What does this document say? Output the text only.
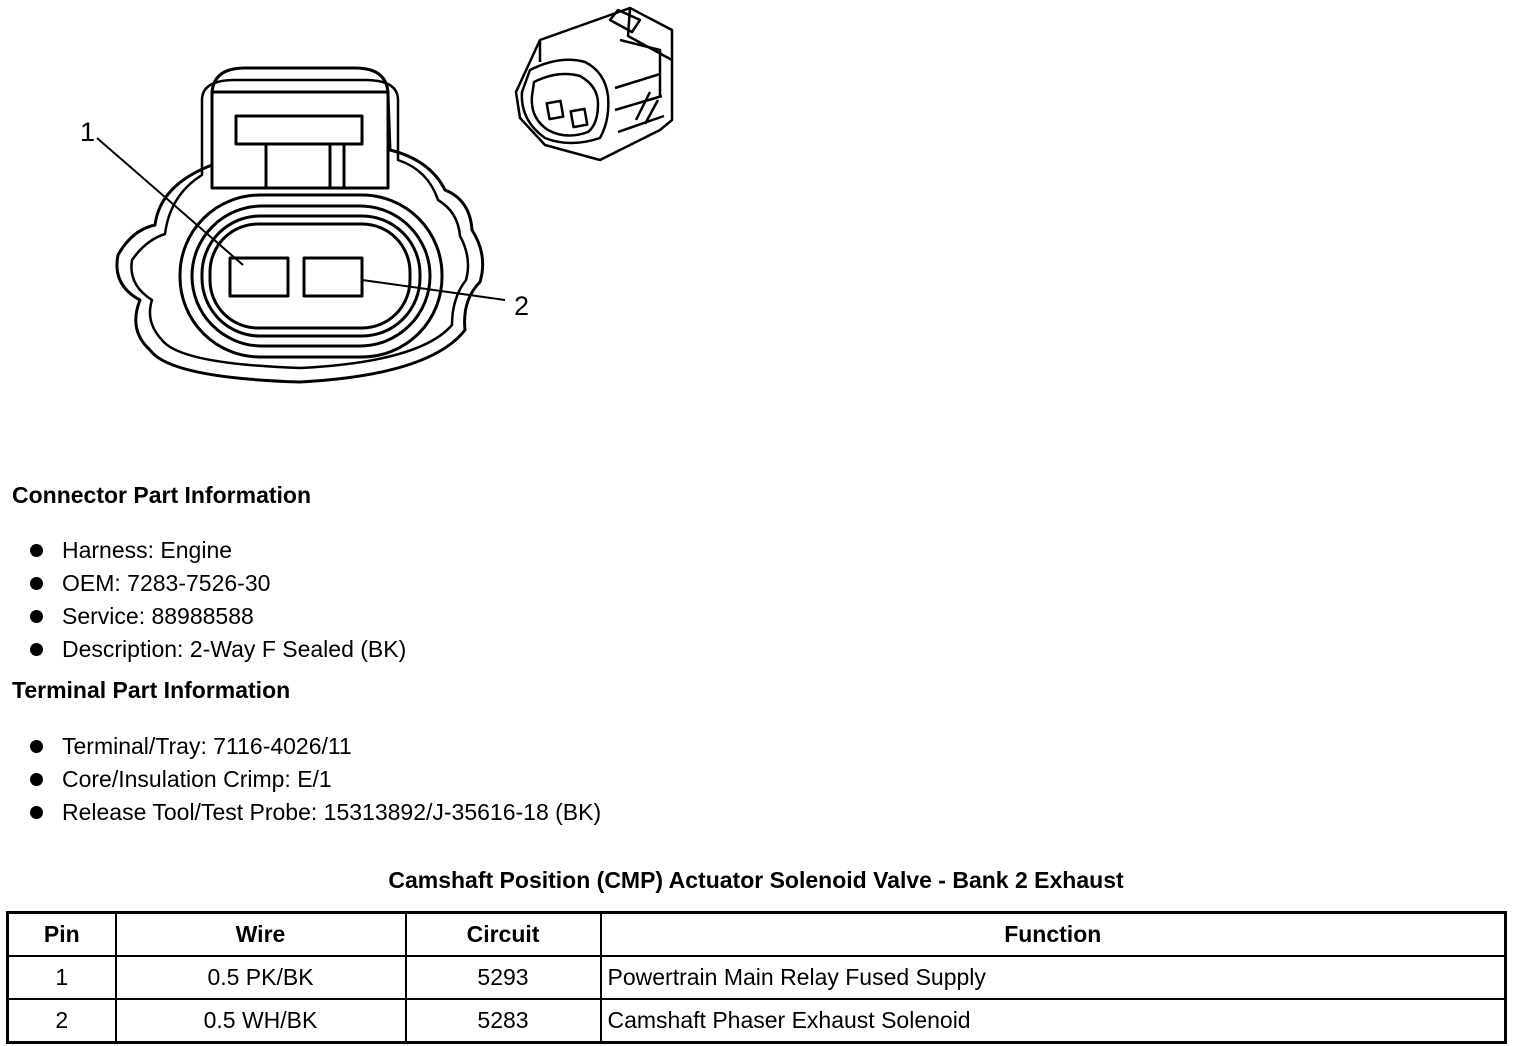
1
2
Connector Part Information
Harness: Engine
OEM: 7283-7526-30
Service: 88988588
Description: 2-Way F Sealed (BK)
Terminal Part Information
Terminal/Tray: 7116-4026/11
Core/Insulation Crimp: E/1
Release Tool/Test Probe: 15313892/J-35616-18 (BK)
Camshaft Position (CMP) Actuator Solenoid Valve - Bank 2 Exhaust
Pin	Wire	Circuit	Function
1	0.5 PK/BK	5293	Powertrain Main Relay Fused Supply
2	0.5 WH/BK	5283	Camshaft Phaser Exhaust Solenoid
